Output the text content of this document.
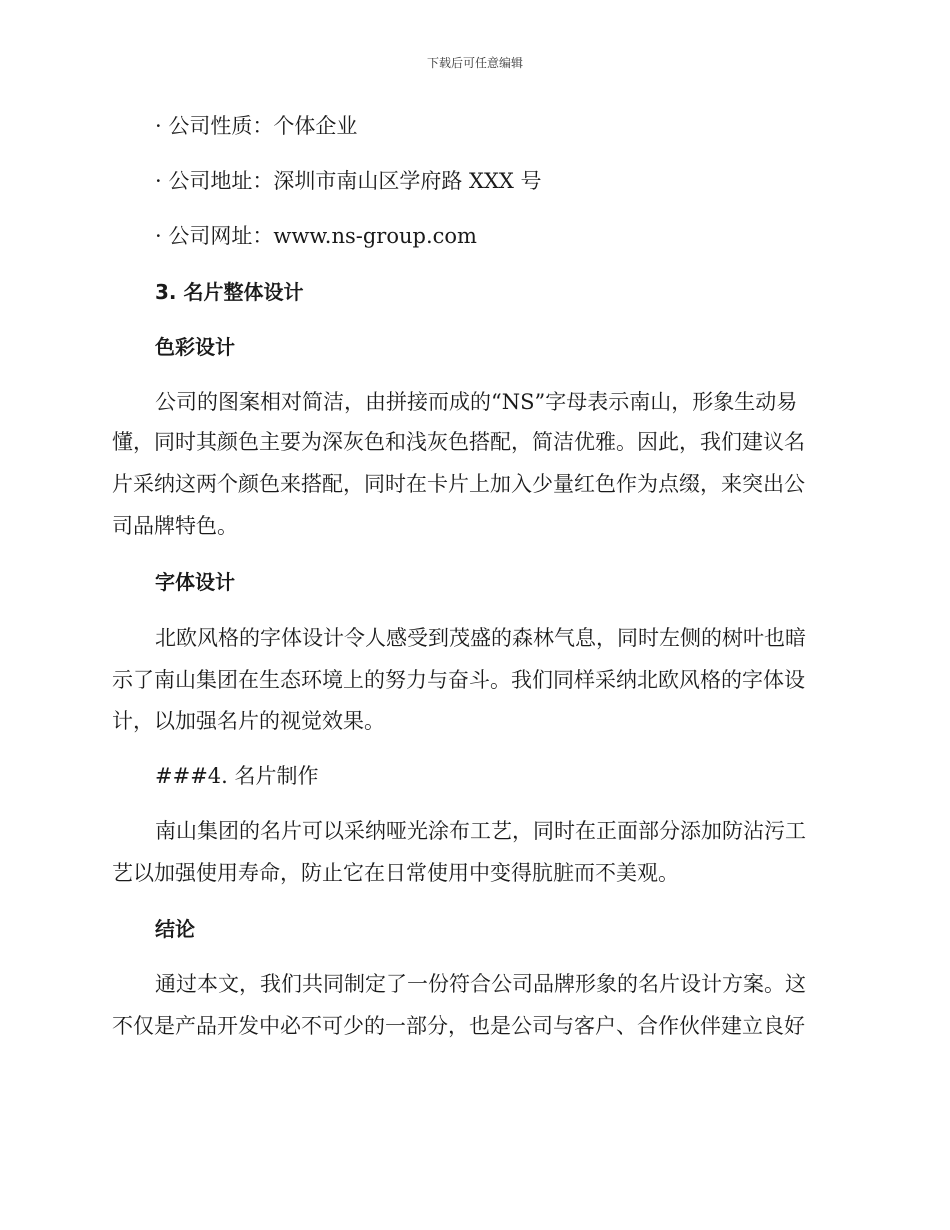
下载后可任意编辑
· 公司性质：个体企业
· 公司地址：深圳市南山区学府路 XXX 号
· 公司网址：www.ns-group.com
3. 名片整体设计
色彩设计
公司的图案相对简洁，由拼接而成的“NS”字母表示南山，形象生动易
懂，同时其颜色主要为深灰色和浅灰色搭配，简洁优雅。因此，我们建议名
片采纳这两个颜色来搭配，同时在卡片上加入少量红色作为点缀，来突出公
司品牌特色。
字体设计
北欧风格的字体设计令人感受到茂盛的森林气息，同时左侧的树叶也暗
示了南山集团在生态环境上的努力与奋斗。我们同样采纳北欧风格的字体设
计，以加强名片的视觉效果。
###4. 名片制作
南山集团的名片可以采纳哑光涂布工艺，同时在正面部分添加防沾污工
艺以加强使用寿命，防止它在日常使用中变得肮脏而不美观。
结论
通过本文，我们共同制定了一份符合公司品牌形象的名片设计方案。这
不仅是产品开发中必不可少的一部分，也是公司与客户、合作伙伴建立良好
